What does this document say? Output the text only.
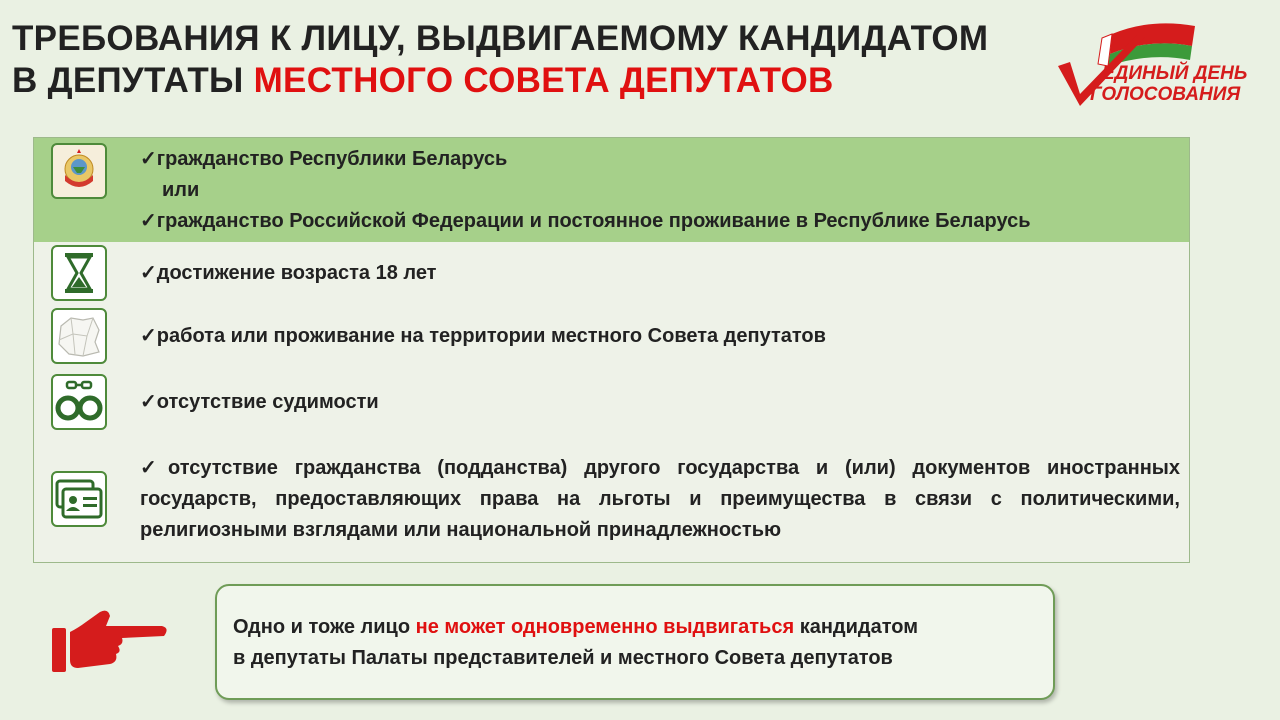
ТРЕБОВАНИЯ К ЛИЦУ, ВЫДВИГАЕМОМУ КАНДИДАТОМ
В ДЕПУТАТЫ МЕСТНОГО СОВЕТА ДЕПУТАТОВ	ЕДИНЫЙ ДЕНЬ
ГОЛОСОВАНИЯ
✓гражданство Республики Беларусь
или
✓гражданство Российской Федерации и постоянное проживание в Республике Беларусь
✓достижение возраста 18 лет
✓работа или проживание на территории местного Совета депутатов
✓отсутствие судимости
✓отсутствие гражданства (подданства) другого государства и (или) документов иностранных государств, предоставляющих права на льготы и преимущества в связи с политическими, религиозными взглядами или национальной принадлежностью
Одно и тоже лицо не может одновременно выдвигаться кандидатом
в депутаты Палаты представителей и местного Совета депутатов
